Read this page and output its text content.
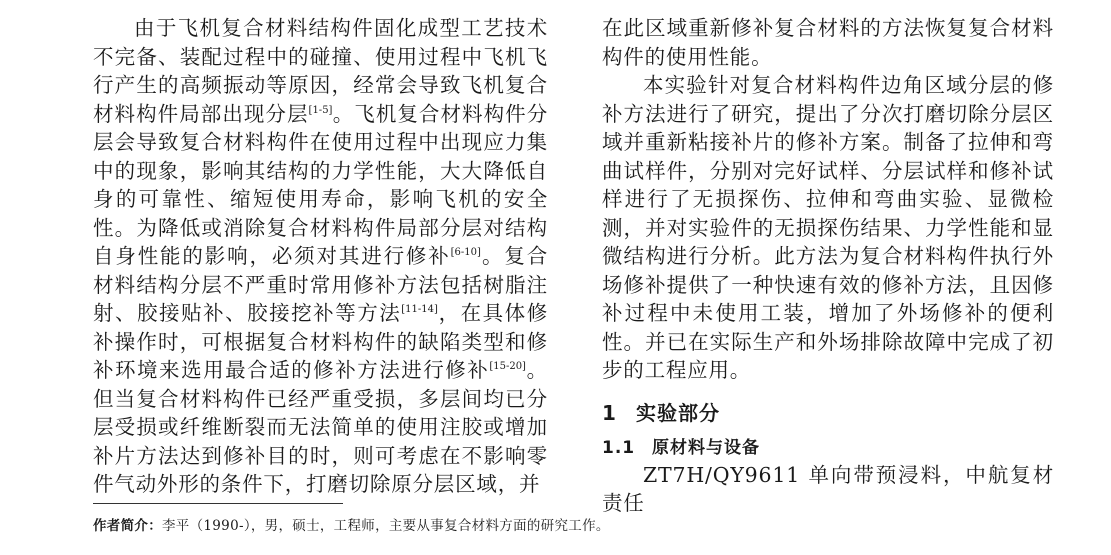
由于飞机复合材料结构件固化成型工艺技术不完备、装配过程中的碰撞、使用过程中飞机飞行产生的高频振动等原因，经常会导致飞机复合材料构件局部出现分层[1-5]。飞机复合材料构件分层会导致复合材料构件在使用过程中出现应力集中的现象，影响其结构的力学性能，大大降低自身的可靠性、缩短使用寿命，影响飞机的安全性。为降低或消除复合材料构件局部分层对结构自身性能的影响，必须对其进行修补[6-10]。复合材料结构分层不严重时常用修补方法包括树脂注射、胶接贴补、胶接挖补等方法[11-14]，在具体修补操作时，可根据复合材料构件的缺陷类型和修补环境来选用最合适的修补方法进行修补[15-20]。但当复合材料构件已经严重受损，多层间均已分层受损或纤维断裂而无法简单的使用注胶或增加补片方法达到修补目的时，则可考虑在不影响零件气动外形的条件下，打磨切除原分层区域，并

在此区域重新修补复合材料的方法恢复复合材料构件的使用性能。

本实验针对复合材料构件边角区域分层的修补方法进行了研究，提出了分次打磨切除分层区域并重新粘接补片的修补方案。制备了拉伸和弯曲试样件，分别对完好试样、分层试样和修补试样进行了无损探伤、拉伸和弯曲实验、显微检测，并对实验件的无损探伤结果、力学性能和显微结构进行分析。此方法为复合材料构件执行外场修补提供了一种快速有效的修补方法，且因修补过程中未使用工装，增加了外场修补的便利性。并已在实际生产和外场排除故障中完成了初步的工程应用。

1 实验部分
1.1 原材料与设备

ZT7H/QY9611 单向带预浸料，中航复材责任

作者简介：李平（1990-），男，硕士，工程师，主要从事复合材料方面的研究工作。
